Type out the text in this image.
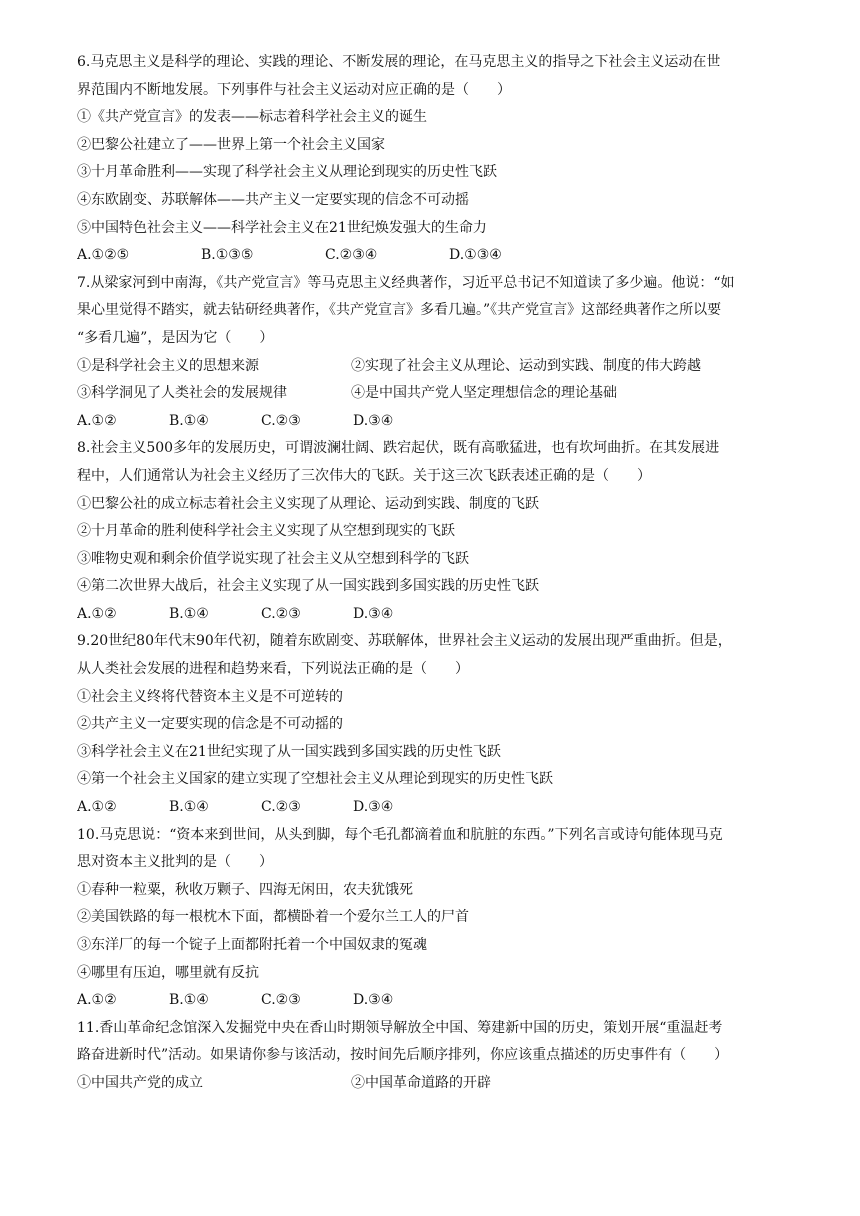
6.马克思主义是科学的理论、实践的理论、不断发展的理论，在马克思主义的指导之下社会主义运动在世
界范围内不断地发展。下列事件与社会主义运动对应正确的是（　　）
①《共产党宣言》的发表——标志着科学社会主义的诞生
②巴黎公社建立了——世界上第一个社会主义国家
③十月革命胜利——实现了科学社会主义从理论到现实的历史性飞跃
④东欧剧变、苏联解体——共产主义一定要实现的信念不可动摇
⑤中国特色社会主义——科学社会主义在21世纪焕发强大的生命力
A.①②⑤	B.①③⑤	C.②③④	D.①③④
7.从梁家河到中南海，《共产党宣言》等马克思主义经典著作，习近平总书记不知道读了多少遍。他说：“如
果心里觉得不踏实，就去钻研经典著作，《共产党宣言》多看几遍。”《共产党宣言》这部经典著作之所以要
“多看几遍”，是因为它（　　）
①是科学社会主义的思想来源	②实现了社会主义从理论、运动到实践、制度的伟大跨越
③科学洞见了人类社会的发展规律	④是中国共产党人坚定理想信念的理论基础
A.①②	B.①④	C.②③	D.③④
8.社会主义500多年的发展历史，可谓波澜壮阔、跌宕起伏，既有高歌猛进，也有坎坷曲折。在其发展进
程中，人们通常认为社会主义经历了三次伟大的飞跃。关于这三次飞跃表述正确的是（　　）
①巴黎公社的成立标志着社会主义实现了从理论、运动到实践、制度的飞跃
②十月革命的胜利使科学社会主义实现了从空想到现实的飞跃
③唯物史观和剩余价值学说实现了社会主义从空想到科学的飞跃
④第二次世界大战后，社会主义实现了从一国实践到多国实践的历史性飞跃
A.①②	B.①④	C.②③	D.③④
9.20世纪80年代末90年代初，随着东欧剧变、苏联解体，世界社会主义运动的发展出现严重曲折。但是，
从人类社会发展的进程和趋势来看，下列说法正确的是（　　）
①社会主义终将代替资本主义是不可逆转的
②共产主义一定要实现的信念是不可动摇的
③科学社会主义在21世纪实现了从一国实践到多国实践的历史性飞跃
④第一个社会主义国家的建立实现了空想社会主义从理论到现实的历史性飞跃
A.①②	B.①④	C.②③	D.③④
10.马克思说：“资本来到世间，从头到脚，每个毛孔都滴着血和肮脏的东西。”下列名言或诗句能体现马克
思对资本主义批判的是（　　）
①春种一粒粟，秋收万颗子、四海无闲田，农夫犹饿死
②美国铁路的每一根枕木下面，都横卧着一个爱尔兰工人的尸首
③东洋厂的每一个锭子上面都附托着一个中国奴隶的冤魂
④哪里有压迫，哪里就有反抗
A.①②	B.①④	C.②③	D.③④
11.香山革命纪念馆深入发掘党中央在香山时期领导解放全中国、筹建新中国的历史，策划开展“重温赶考
路奋进新时代”活动。如果请你参与该活动，按时间先后顺序排列，你应该重点描述的历史事件有（　　）
①中国共产党的成立	②中国革命道路的开辟
